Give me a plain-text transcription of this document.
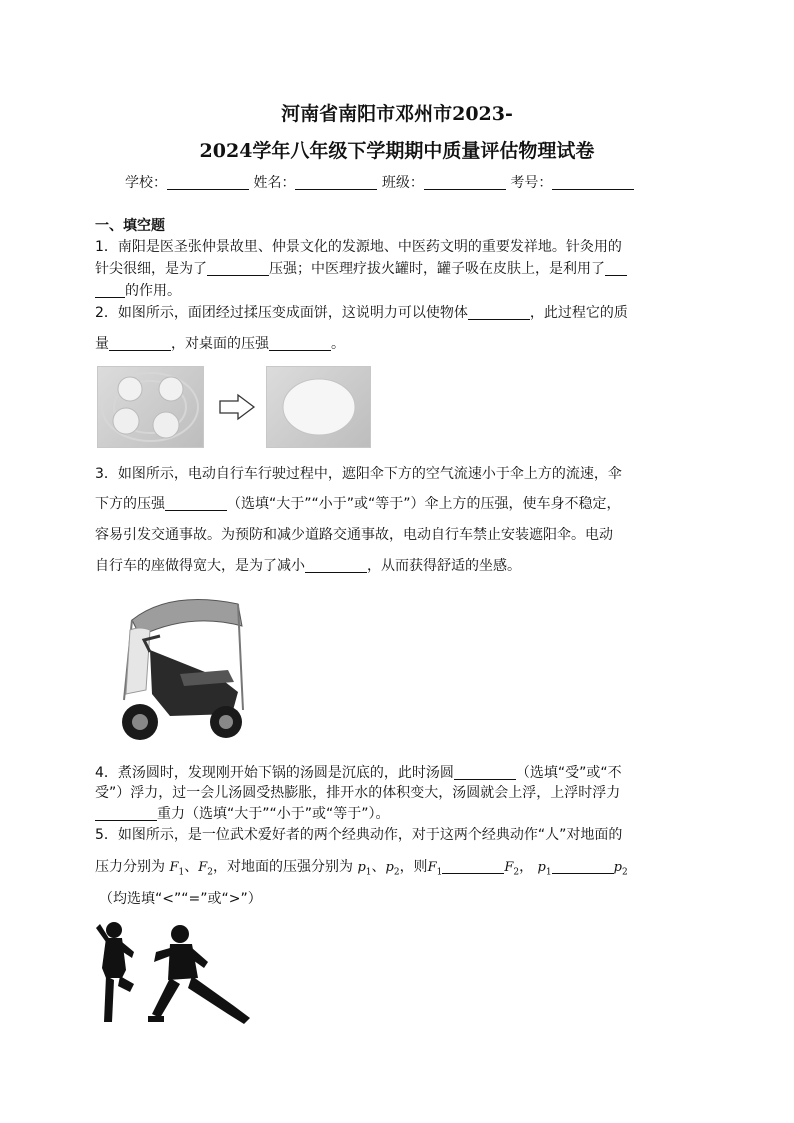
河南省南阳市邓州市2023-
2024学年八年级下学期期中质量评估物理试卷
学校：	姓名：	班级：	考号：
一、填空题
1．南阳是医圣张仲景故里、仲景文化的发源地、中医药文明的重要发祥地。针灸用的
针尖很细，是为了	压强；中医理疗拔火罐时，罐子吸在皮肤上，是利用了
的作用。
2．如图所示，面团经过揉压变成面饼，这说明力可以使物体	，此过程它的质
量	，对桌面的压强	。
3．如图所示，电动自行车行驶过程中，遮阳伞下方的空气流速小于伞上方的流速，伞
下方的压强	（选填“大于”“小于”或“等于”）伞上方的压强，使车身不稳定，
容易引发交通事故。为预防和减少道路交通事故，电动自行车禁止安装遮阳伞。电动
自行车的座做得宽大，是为了减小	，从而获得舒适的坐感。
4．煮汤圆时，发现刚开始下锅的汤圆是沉底的，此时汤圆	（选填“受”或“不
受”）浮力，过一会儿汤圆受热膨胀，排开水的体积变大，汤圆就会上浮，上浮时浮力
重力（选填“大于”“小于”或“等于”）。
5．如图所示，是一位武术爱好者的两个经典动作，对于这两个经典动作“人”对地面的
压力分别为 $F_1$、$F_2$，对地面的压强分别为 $p_1$、$p_2$，则$F_1$	$F_2$， $p_1$	$p_2$
（均选填“<”“=”或“>”）
